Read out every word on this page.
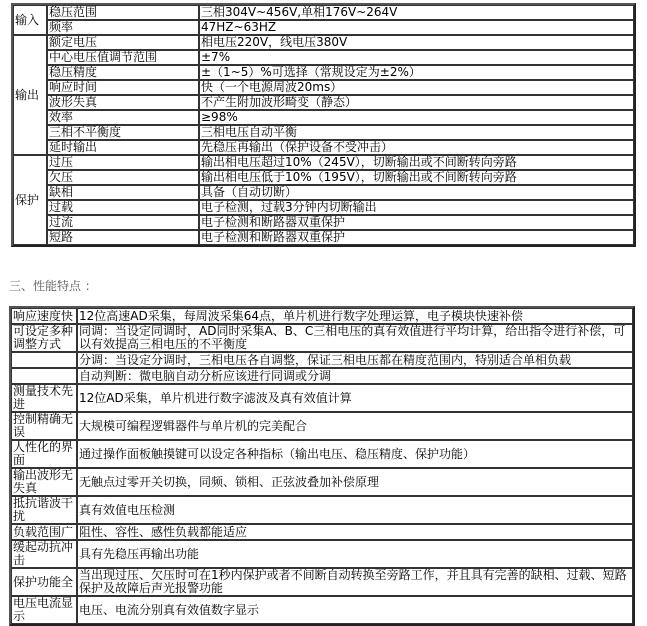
输入	稳压范围	三相304V~456V,单相176V~264V
	频率	47HZ~63HZ
输出	额定电压	相电压220V，线电压380V
	中心电压值调节范围	±7%
	稳压精度	±（1~5）%可选择（常规设定为±2%）
	响应时间	快（一个电源周波20ms）
	波形失真	不产生附加波形畸变（静态）
	效率	≥98%
	三相不平衡度	三相电压自动平衡
	延时输出	先稳压再输出（保护设备不受冲击）
保护	过压	输出相电压超过10%（245V），切断输出或不间断转向旁路
	欠压	输出相电压低于10%（195V），切断输出或不间断转向旁路
	缺相	具备（自动切断）
	过载	电子检测，过载3分钟内切断输出
	过流	电子检测和断路器双重保护
	短路	电子检测和断路器双重保护
三、性能特点 ：
响应速度快	12位高速AD采集，每周波采集64点，单片机进行数字处理运算，电子模块快速补偿
可设定多种调整方式	同调：当设定同调时，AD同时采集A、B、C三相电压的真有效值进行平均计算，给出指令进行补偿，可以有效提高三相电压的不平衡度
	分调：当设定分调时，三相电压各自调整，保证三相电压都在精度范围内，特别适合单相负载
	自动判断：微电脑自动分析应该进行同调或分调
测量技术先进	12位AD采集，单片机进行数字滤波及真有效值计算
控制精确无误	大规模可编程逻辑器件与单片机的完美配合
人性化的界面	通过操作面板触摸键可以设定各种指标（输出电压、稳压精度、保护功能）
输出波形无失真	无触点过零开关切换，同频、锁相、正弦波叠加补偿原理
抵抗谐波干扰	真有效值电压检测
负载范围广	阻性、容性、感性负载都能适应
缓起动抗冲击	具有先稳压再输出功能
保护功能全	当出现过压、欠压时可在1秒内保护或者不间断自动转换至旁路工作，并且具有完善的缺相、过载、短路保护及故障后声光报警功能
电压电流显示	电压、电流分别真有效值数字显示
